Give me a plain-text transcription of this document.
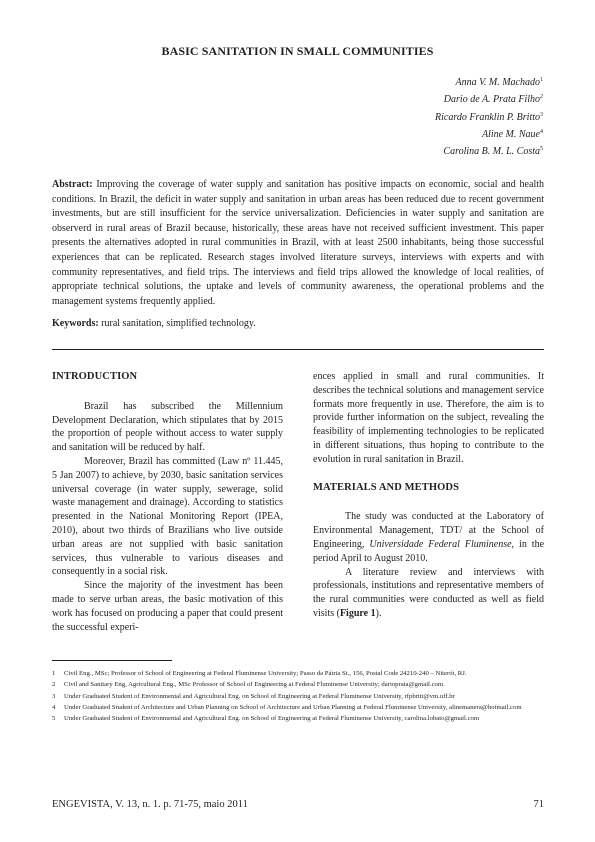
BASIC SANITATION IN SMALL COMMUNITIES
Anna V. M. Machado$^1$
Dario de A. Prata Filho$^2$
Ricardo Franklin P. Britto$^3$
Aline M. Naue$^4$
Carolina B. M. L. Costa$^5$
Abstract: Improving the coverage of water supply and sanitation has positive impacts on economic, social and health conditions. In Brazil, the deficit in water supply and sanitation in urban areas has been reduced due to recent government investments, but are still insufficient for the service universalization. Deficiencies in water supply and sanitation are observerd in rural areas of Brazil because, historically, these areas have not received sufficient investment. This paper presents the alternatives adopted in rural communities in Brazil, with at least 2500 inhabitants, being those successful experiences that can be replicated. Research stages involved literature surveys, interviews with experts and with community representatives, and field trips. The interviews and field trips allowed the knowledge of local realities, of appropriate technical solutions, the uptake and levels of community awareness, the operational problems and the management systems frequently applied.
Keywords: rural sanitation, simplified technology.
INTRODUCTION

Brazil has subscribed the Millennium Development Declaration, which stipulates that by 2015 the proportion of people without access to water supply and sanitation will be reduced by half.

Moreover, Brazil has committed (Law nº 11.445, 5 Jan 2007) to achieve, by 2030, basic sanitation services universal coverage (in water supply, sewerage, solid waste management and drainage). According to statistics presented in the National Monitoring Report (IPEA, 2010), about two thirds of Brazilians who live outside urban areas are not supplied with basic sanitation services, thus vulnerable to various diseases and consequently in a social risk.

Since the majority of the investment has been made to serve urban areas, the basic motivation of this work has focused on producing a paper that could present the successful experi-

ences applied in small and rural communities. It describes the technical solutions and management service formats more frequently in use. Therefore, the aim is to provide further information on the subject, revealing the feasibility of implementing technologies to be replicated in different situations, thus hoping to contribute to the evolution in rural sanitation in Brazil.

MATERIALS AND METHODS

The study was conducted at the Laboratory of Environmental Management, TDT/ at the School of Engineering, Universidade Federal Fluminense, in the period April to August 2010.

A literature review and interviews with professionals, institutions and representative members of the rural communities were conducted as well as field visits (Figure 1).

1	Civil Eng., MSc; Professor of School of Engineering at Federal Fluminense University; Passo da Pátria St., 156, Postal Code 24210-240 – Niterói, RJ.
2	Civil and Sanitary Eng, Agricultural Eng., MSc Professor of School of Engineering at Federal Fluminense University; darioprata@gmail.com.
3	Under Graduated Student of Environmental and Agricultural Eng. on School of Engineering at Federal Fluminense University, rfpbritt@vm.uff.br
4	Under Graduated Student of Architecture and Urban Planning on School of Architecture and Urban Planning at Federal Fluminense University, alinemanera@hotmail.com
5	Under Graduated Student of Environmental and Agricultural Eng. on School of Engineering at Federal Fluminense University, carolina.lobato@gmail.com
ENGEVISTA, V. 13, n. 1. p. 71-75, maio 2011	71
